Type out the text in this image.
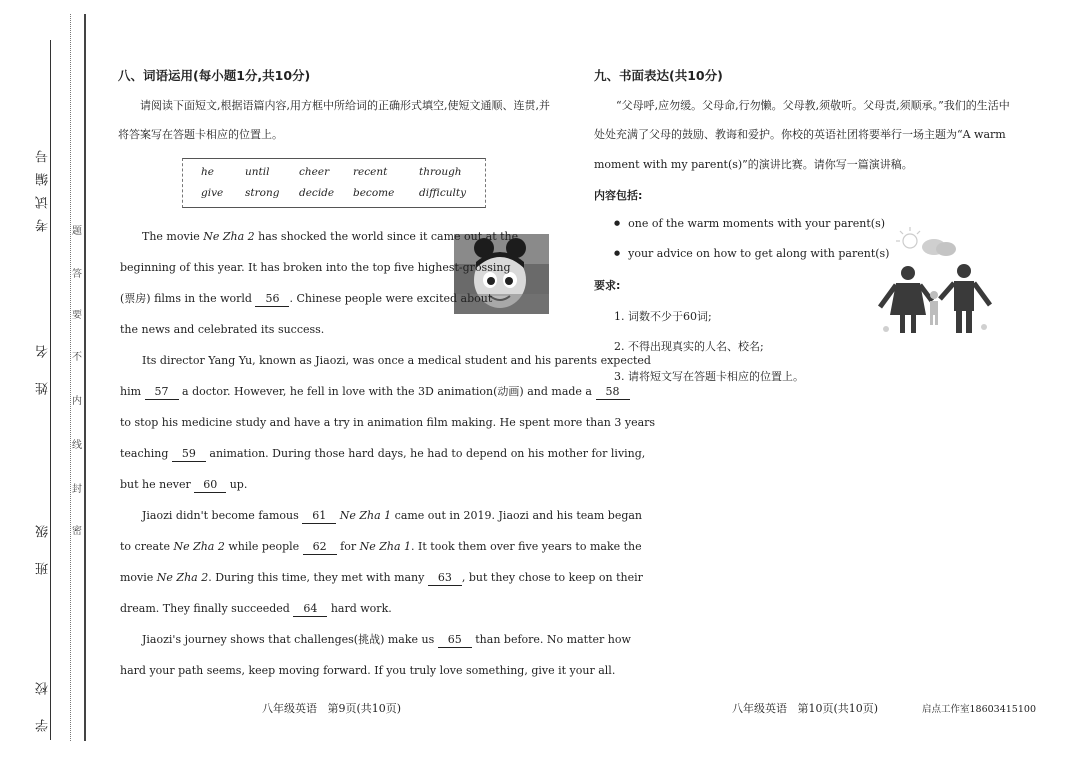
考试编号
姓 名
班 级
学 校
题
答
要
不
内
线
封
密
八、词语运用(每小题1分,共10分)
请阅读下面短文,根据语篇内容,用方框中所给词的正确形式填空,使短文通顺、连贯,并
将答案写在答题卡相应的位置上。
he	until	cheer recent	through
give strong decide become difficulty
The movie Ne Zha 2 has shocked the world since it came out at the
beginning of this year. It has broken into the top five highest-grossing
(票房) films in the world 56 . Chinese people were excited about
the news and celebrated its success.
Its director Yang Yu, known as Jiaozi, was once a medical student and his parents expected
him 57 a doctor. However, he fell in love with the 3D animation(动画) and made a 58
to stop his medicine study and have a try in animation film making. He spent more than 3 years
teaching 59 animation. During those hard days, he had to depend on his mother for living,
but he never 60 up.
Jiaozi didn't become famous 61 Ne Zha 1 came out in 2019. Jiaozi and his team began
to create Ne Zha 2 while people 62 for Ne Zha 1. It took them over five years to make the
movie Ne Zha 2. During this time, they met with many 63 , but they chose to keep on their
dream. They finally succeeded 64 hard work.
Jiaozi's journey shows that challenges(挑战) make us 65 than before. No matter how
hard your path seems, keep moving forward. If you truly love something, give it your all.
八年级英语   第9页(共10页)
九、书面表达(共10分)
“父母呼,应勿缓。父母命,行勿懒。父母教,须敬听。父母责,须顺承。”我们的生活中
处处充满了父母的鼓励、教诲和爱护。你校的英语社团将要举行一场主题为“A warm
moment with my parent(s)”的演讲比赛。请你写一篇演讲稿。
内容包括:
● one of the warm moments with your parent(s)
● your advice on how to get along with parent(s)
要求:
1. 词数不少于60词;
2. 不得出现真实的人名、校名;
3. 请将短文写在答题卡相应的位置上。
八年级英语   第10页(共10页)	启点工作室18603415100
